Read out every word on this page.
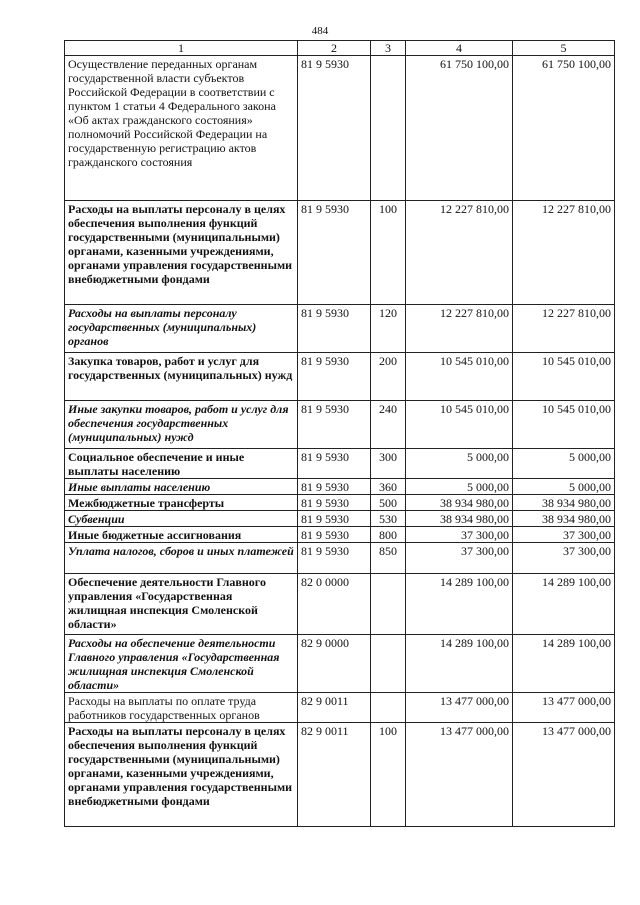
484
1	2	3	4	5
Осуществление переданных органам государственной власти субъектов Российской Федерации в соответствии с пунктом 1 статьи 4 Федерального закона «Об актах гражданского состояния» полномочий Российской Федерации на государственную регистрацию актов гражданского состояния	81 9 5930		61 750 100,00	61 750 100,00
Расходы на выплаты персоналу в целях обеспечения выполнения функций государственными (муниципальными) органами, казенными учреждениями, органами управления государственными внебюджетными фондами	81 9 5930	100	12 227 810,00	12 227 810,00
Расходы на выплаты персоналу государственных (муниципальных) органов	81 9 5930	120	12 227 810,00	12 227 810,00
Закупка товаров, работ и услуг для государственных (муниципальных) нужд	81 9 5930	200	10 545 010,00	10 545 010,00
Иные закупки товаров, работ и услуг для обеспечения государственных (муниципальных) нужд	81 9 5930	240	10 545 010,00	10 545 010,00
Социальное обеспечение и иные выплаты населению	81 9 5930	300	5 000,00	5 000,00
Иные выплаты населению	81 9 5930	360	5 000,00	5 000,00
Межбюджетные трансферты	81 9 5930	500	38 934 980,00	38 934 980,00
Субвенции	81 9 5930	530	38 934 980,00	38 934 980,00
Иные бюджетные ассигнования	81 9 5930	800	37 300,00	37 300,00
Уплата налогов, сборов и иных платежей	81 9 5930	850	37 300,00	37 300,00
Обеспечение деятельности Главного управления «Государственная жилищная инспекция Смоленской области»	82 0 0000		14 289 100,00	14 289 100,00
Расходы на обеспечение деятельности Главного управления «Государственная жилищная инспекция Смоленской области»	82 9 0000		14 289 100,00	14 289 100,00
Расходы на выплаты по оплате труда работников государственных органов	82 9 0011		13 477 000,00	13 477 000,00
Расходы на выплаты персоналу в целях обеспечения выполнения функций государственными (муниципальными) органами, казенными учреждениями, органами управления государственными внебюджетными фондами	82 9 0011	100	13 477 000,00	13 477 000,00
